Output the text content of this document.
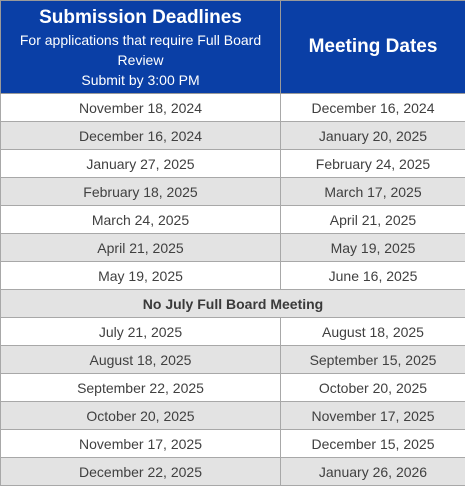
Submission Deadlines
For applications that require Full Board Review
Submit by 3:00 PM	Meeting Dates
November 18, 2024	December 16, 2024
December 16, 2024	January 20, 2025
January 27, 2025	February 24, 2025
February 18, 2025	March 17, 2025
March 24, 2025	April 21, 2025
April 21, 2025	May 19, 2025
May 19, 2025	June 16, 2025
No July Full Board Meeting	
July 21, 2025	August 18, 2025
August 18, 2025	September 15, 2025
September 22, 2025	October 20, 2025
October 20, 2025	November 17, 2025
November 17, 2025	December 15, 2025
December 22, 2025	January 26, 2026
